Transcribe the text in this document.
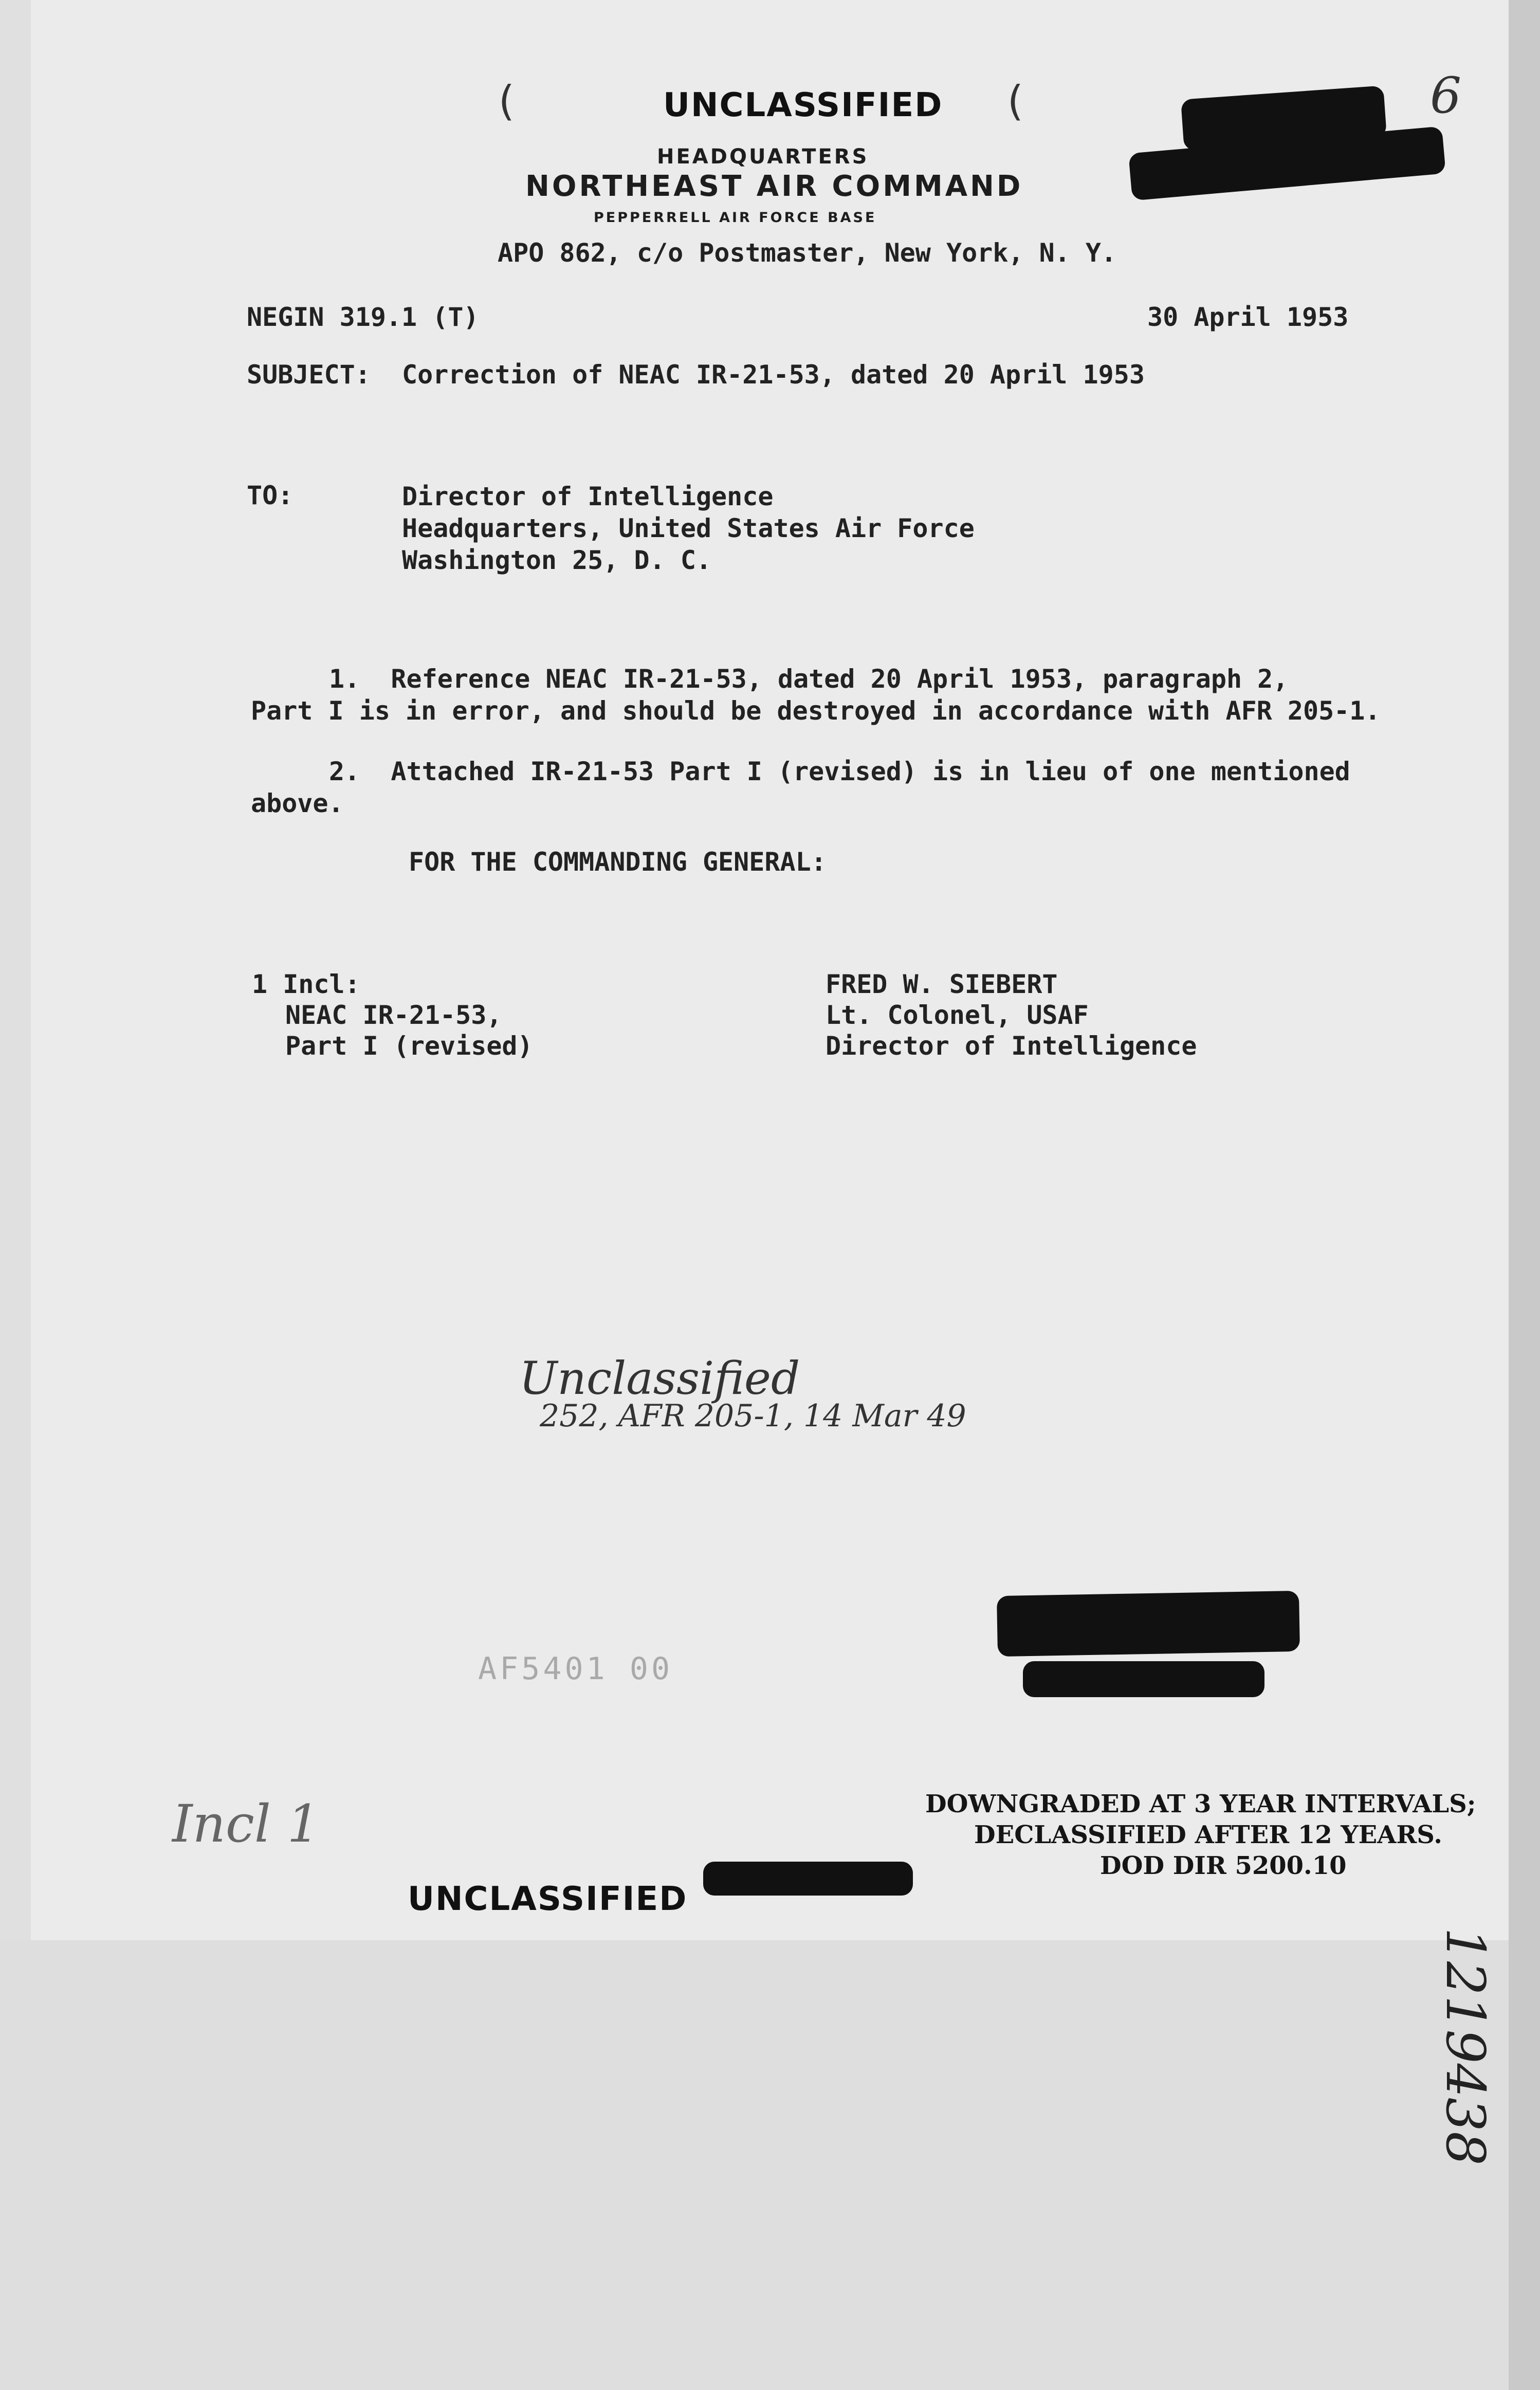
UNCLASSIFIED
(	(
HEADQUARTERS
NORTHEAST AIR COMMAND
PEPPERRELL AIR FORCE BASE
APO 862, c/o Postmaster, New York, N. Y.
6
NEGIN 319.1 (T)	30 April 1953
SUBJECT: Correction of NEAC IR-21-53, dated 20 April 1953
TO:	Director of Intelligence
Headquarters, United States Air Force
Washington 25, D. C.
1.  Reference NEAC IR-21-53, dated 20 April 1953, paragraph 2,
Part I is in error, and should be destroyed in accordance with AFR 205-1.
2.  Attached IR-21-53 Part I (revised) is in lieu of one mentioned
above.
FOR THE COMMANDING GENERAL:
1 Incl:
NEAC IR-21-53,
Part I (revised)
FRED W. SIEBERT
Lt. Colonel, USAF
Director of Intelligence
Unclassified
252, AFR 205-1, 14 Mar 49
AF5401 00
DOWNGRADED AT 3 YEAR INTERVALS;
DECLASSIFIED AFTER 12 YEARS.
DOD DIR 5200.10
Incl 1
UNCLASSIFIED
1219438
